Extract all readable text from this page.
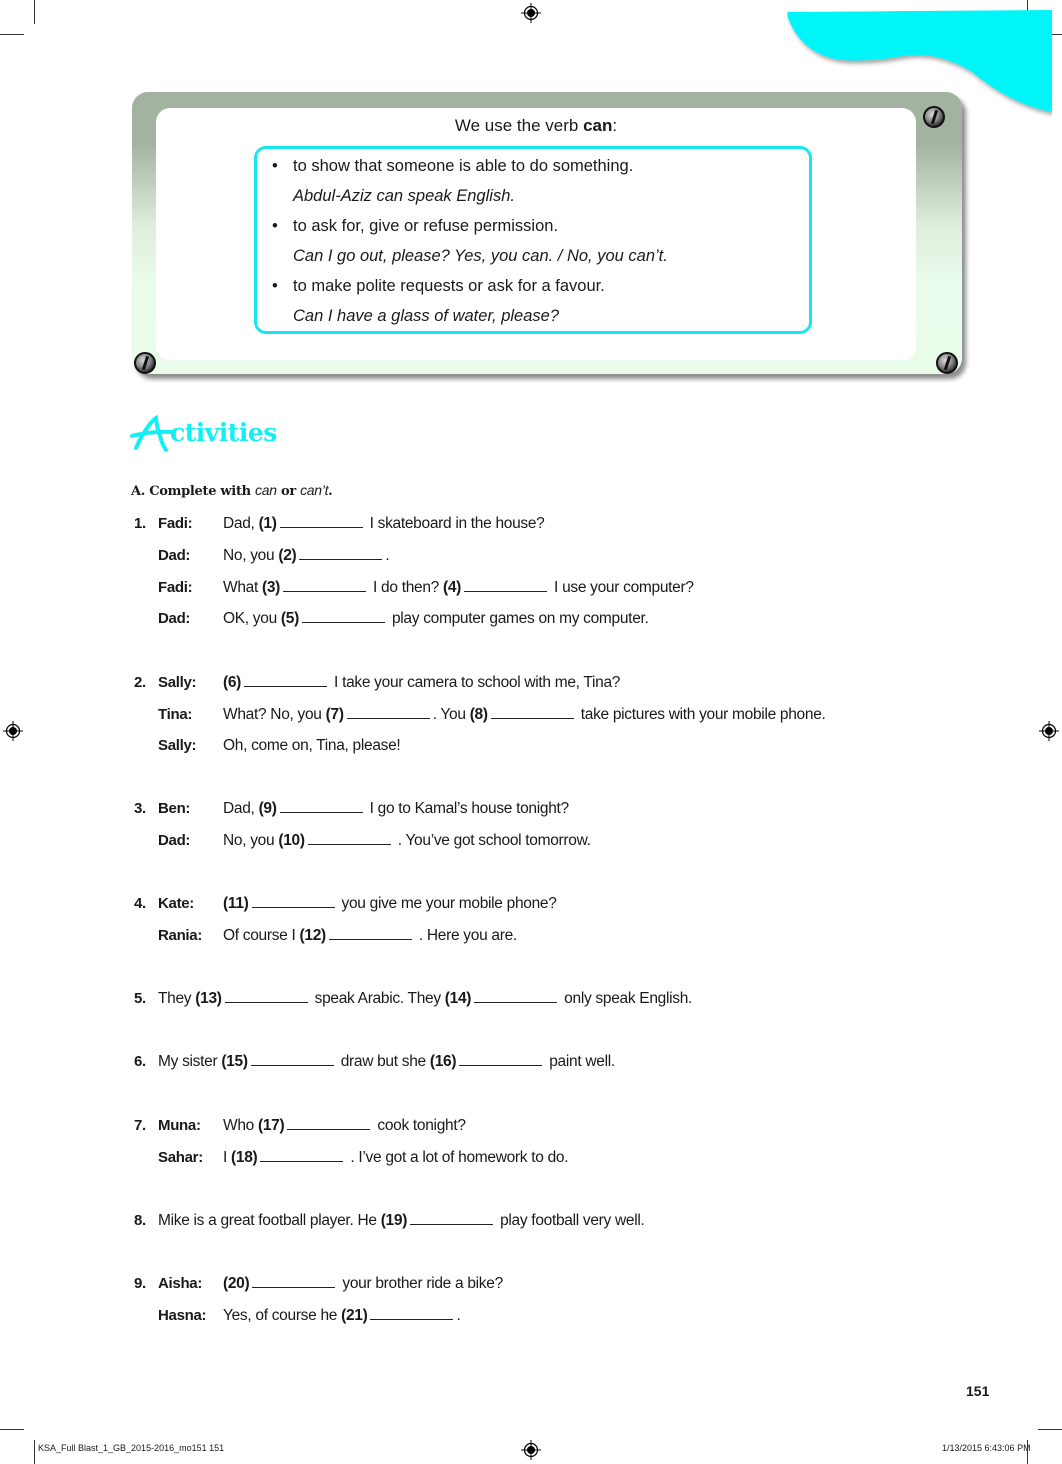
We use the verb can:
• to show that someone is able to do something.
Abdul-Aziz can speak English.
• to ask for, give or refuse permission.
Can I go out, please? Yes, you can. / No, you can’t.
• to make polite requests or ask for a favour.
Can I have a glass of water, please?
ctivities
A. Complete with can or can’t.
1. Fadi: Dad, (1)	I skateboard in the house?
Dad: No, you (2)	.
Fadi: What (3)	I do then? (4)	I use your computer?
Dad: OK, you (5)	play computer games on my computer.
2. Sally: (6)	I take your camera to school with me, Tina?
Tina: What? No, you (7)	. You (8)	take pictures with your mobile phone.
Sally: Oh, come on, Tina, please!
3. Ben: Dad, (9)	I go to Kamal’s house tonight?
Dad: No, you (10)	. You’ve got school tomorrow.
4. Kate: (11)	you give me your mobile phone?
Rania: Of course I (12)	. Here you are.
5. They (13)	speak Arabic. They (14)	only speak English.
6. My sister (15)	draw but she (16)	paint well.
7. Muna: Who (17)	cook tonight?
Sahar: I (18)	. I’ve got a lot of homework to do.
8. Mike is a great football player. He (19)	play football very well.
9. Aisha: (20)	your brother ride a bike?
Hasna: Yes, of course he (21)	.
151
KSA_Full Blast_1_GB_2015-2016_mo151 151	1/13/2015 6:43:06 PM
